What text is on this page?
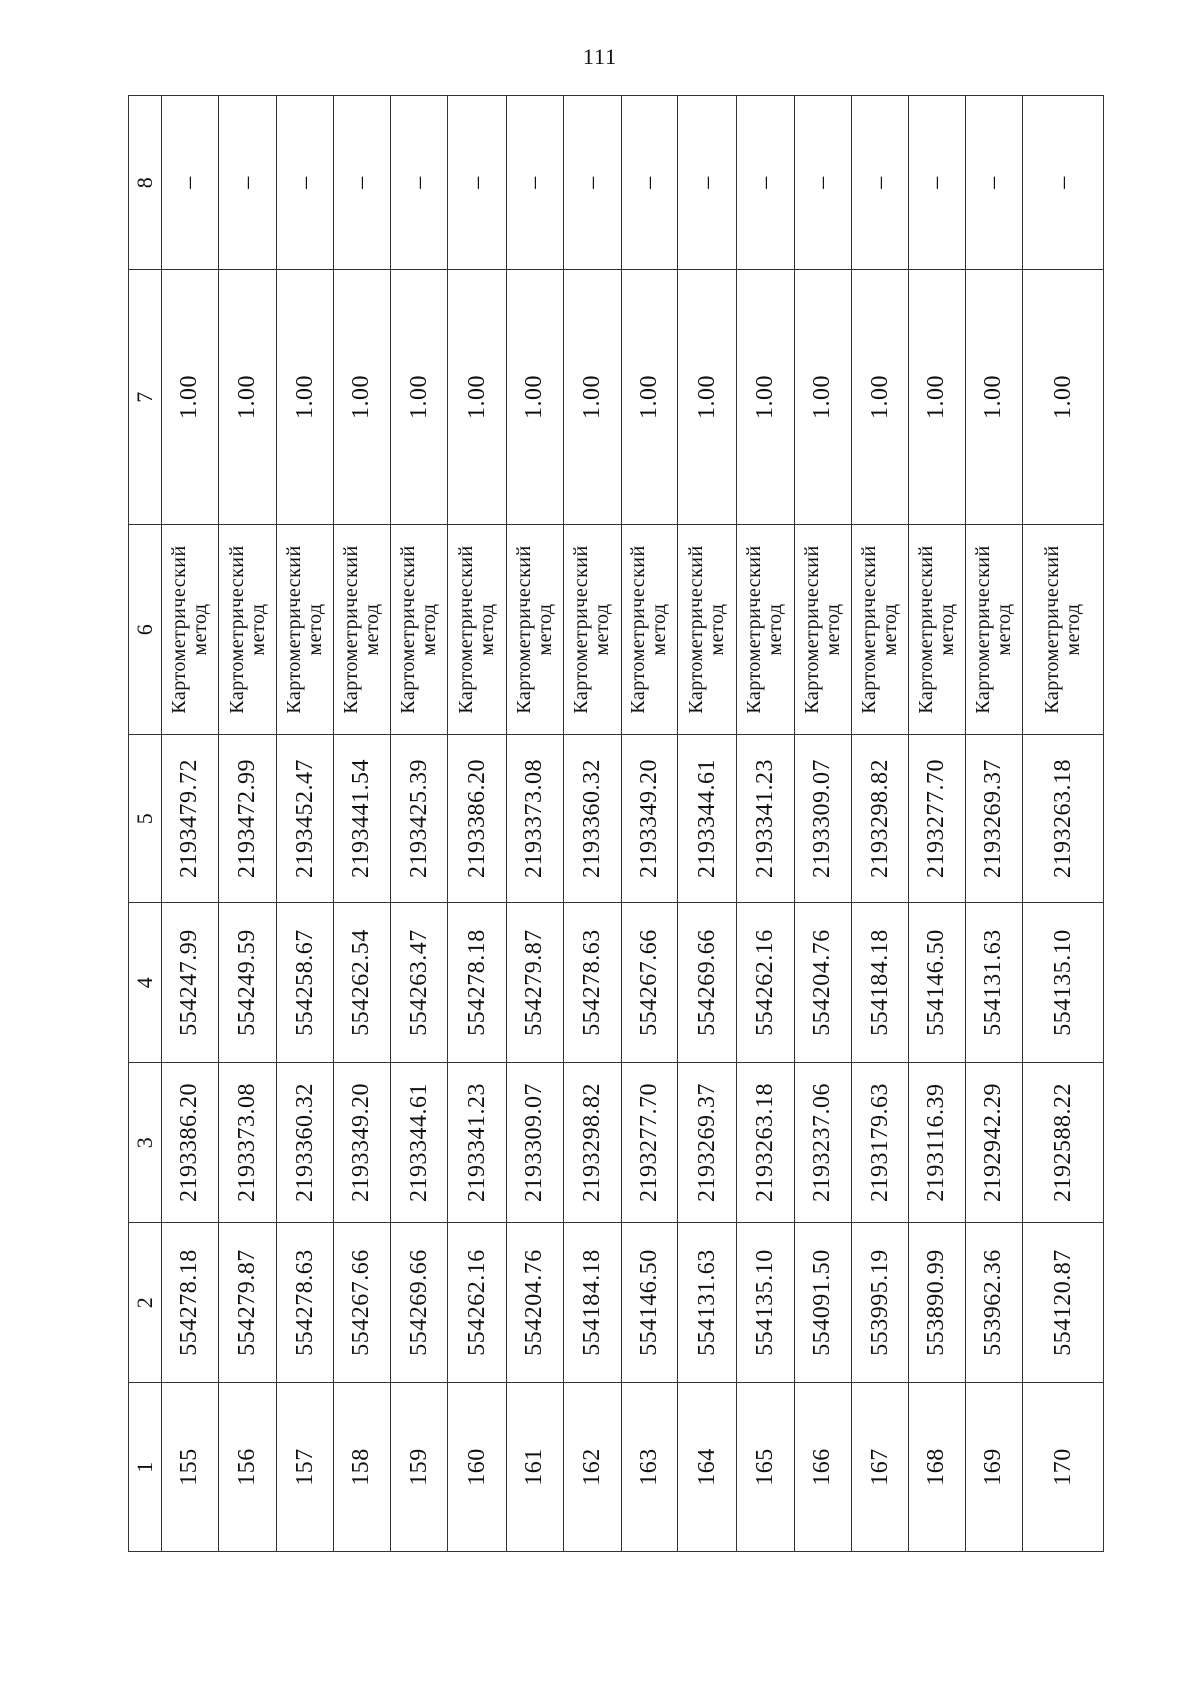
111
1	2	3	4	5	6	7	8
155	554278.18	2193386.20	554247.99	2193479.72	Картометрический метод	1.00	–
156	554279.87	2193373.08	554249.59	2193472.99	Картометрический метод	1.00	–
157	554278.63	2193360.32	554258.67	2193452.47	Картометрический метод	1.00	–
158	554267.66	2193349.20	554262.54	2193441.54	Картометрический метод	1.00	–
159	554269.66	2193344.61	554263.47	2193425.39	Картометрический метод	1.00	–
160	554262.16	2193341.23	554278.18	2193386.20	Картометрический метод	1.00	–
161	554204.76	2193309.07	554279.87	2193373.08	Картометрический метод	1.00	–
162	554184.18	2193298.82	554278.63	2193360.32	Картометрический метод	1.00	–
163	554146.50	2193277.70	554267.66	2193349.20	Картометрический метод	1.00	–
164	554131.63	2193269.37	554269.66	2193344.61	Картометрический метод	1.00	–
165	554135.10	2193263.18	554262.16	2193341.23	Картометрический метод	1.00	–
166	554091.50	2193237.06	554204.76	2193309.07	Картометрический метод	1.00	–
167	553995.19	2193179.63	554184.18	2193298.82	Картометрический метод	1.00	–
168	553890.99	2193116.39	554146.50	2193277.70	Картометрический метод	1.00	–
169	553962.36	2192942.29	554131.63	2193269.37	Картометрический метод	1.00	–
170	554120.87	2192588.22	554135.10	2193263.18	Картометрический метод	1.00	–
